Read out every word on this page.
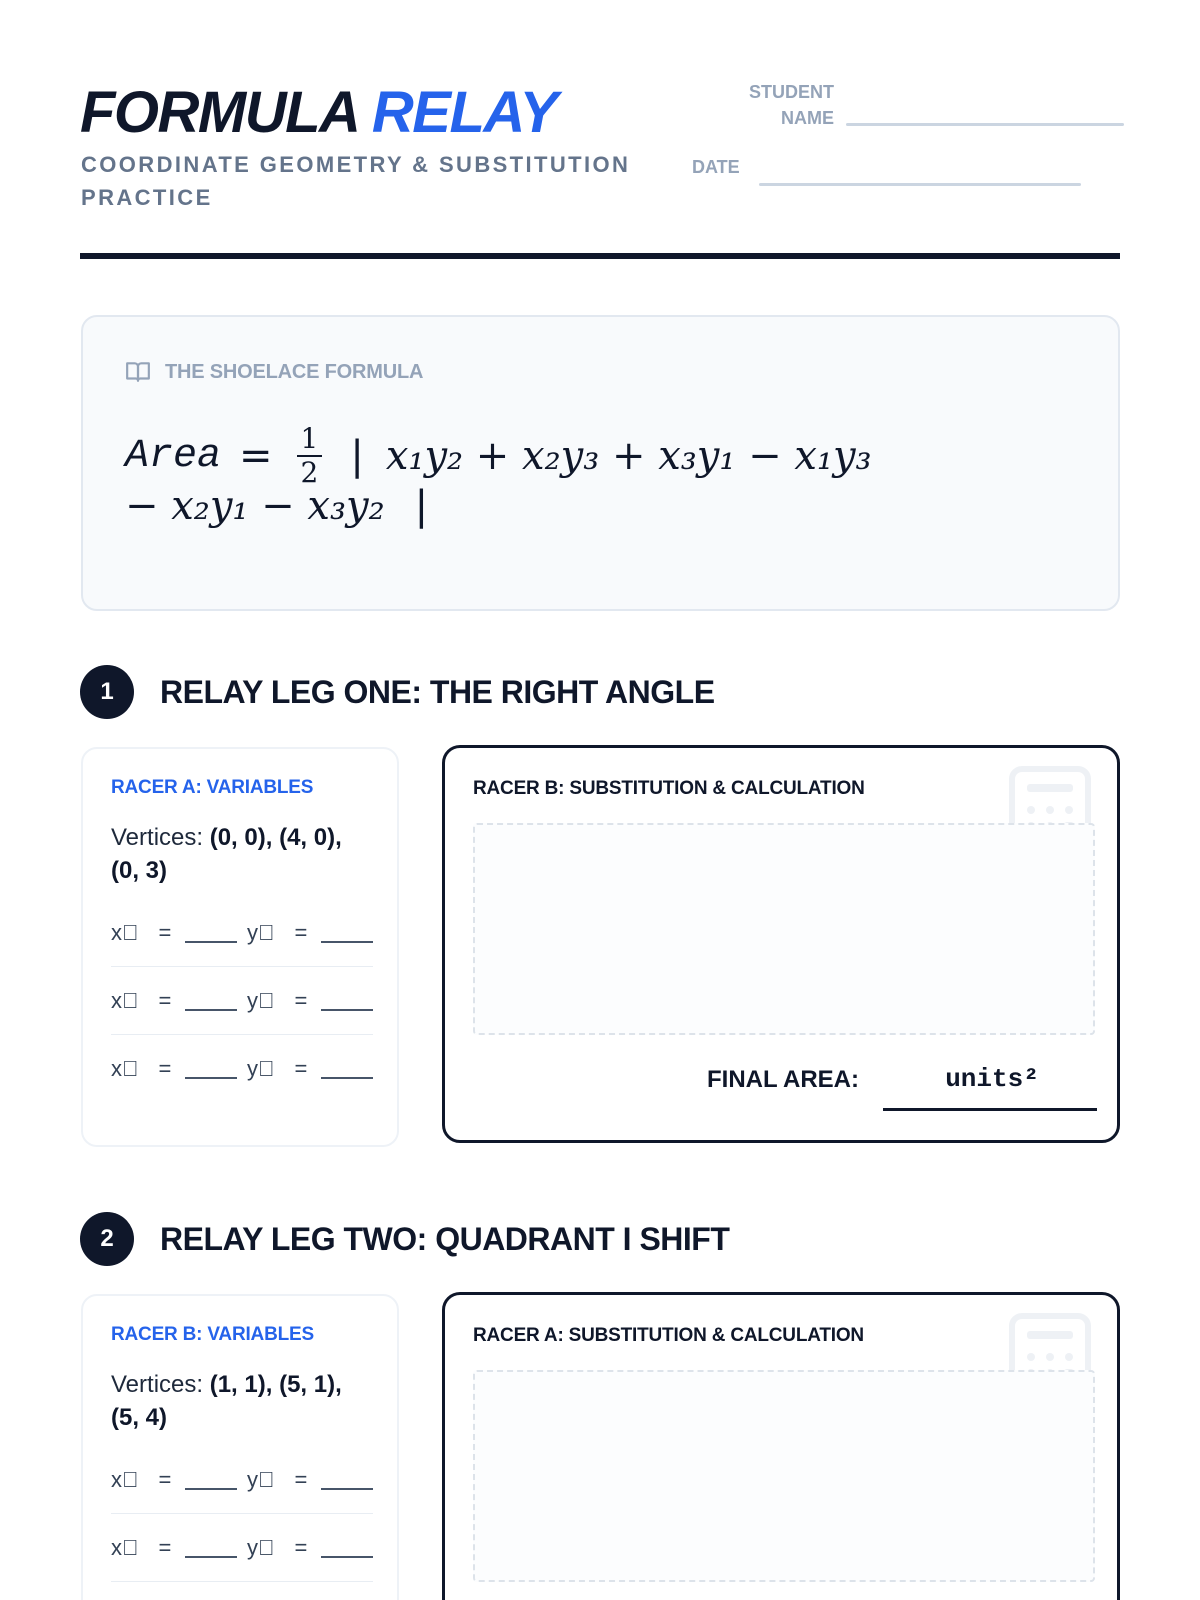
FORMULA RELAY
COORDINATE GEOMETRY & SUBSTITUTION PRACTICE
STUDENT
NAME
DATE
THE SHOELACE FORMULA
Area = $\frac{1}{2}$ | x₁y₂ + x₂y₃ + x₃y₁ − x₁y₃
− x₂y₁ − x₃y₂ |
1	RELAY LEG ONE: THE RIGHT ANGLE
RACER A: VARIABLES
Vertices: (0, 0), (4, 0),
(0, 3)
x⃞ =	y⃞ =
x⃞ =	y⃞ =
x⃞ =	y⃞ =
RACER B: SUBSTITUTION & CALCULATION
FINAL AREA:	units²
2	RELAY LEG TWO: QUADRANT I SHIFT
RACER B: VARIABLES
Vertices: (1, 1), (5, 1),
(5, 4)
x⃞ =	y⃞ =
x⃞ =	y⃞ =
RACER A: SUBSTITUTION & CALCULATION
